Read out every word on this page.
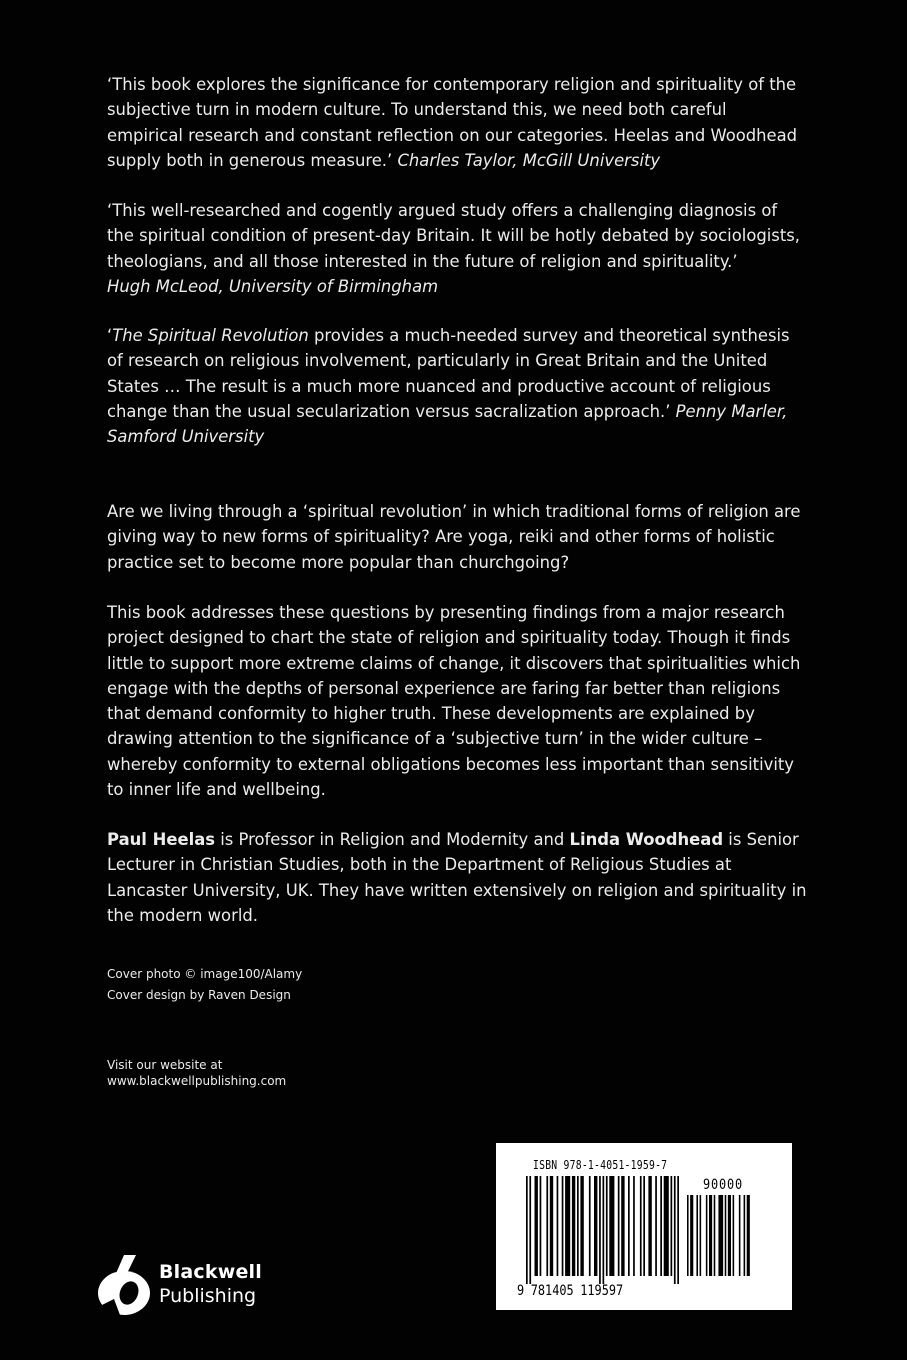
‘This book explores the significance for contemporary religion and spirituality of the subjective turn in modern culture. To understand this, we need both careful empirical research and constant reflection on our categories. Heelas and Woodhead supply both in generous measure.’ Charles Taylor, McGill University

‘This well-researched and cogently argued study offers a challenging diagnosis of the spiritual condition of present-day Britain. It will be hotly debated by sociologists, theologians, and all those interested in the future of religion and spirituality.’
Hugh McLeod, University of Birmingham

‘The Spiritual Revolution provides a much-needed survey and theoretical synthesis of research on religious involvement, particularly in Great Britain and the United States … The result is a much more nuanced and productive account of religious change than the usual secularization versus sacralization approach.’ Penny Marler, Samford University

Are we living through a ‘spiritual revolution’ in which traditional forms of religion are giving way to new forms of spirituality? Are yoga, reiki and other forms of holistic practice set to become more popular than churchgoing?

This book addresses these questions by presenting findings from a major research project designed to chart the state of religion and spirituality today. Though it finds little to support more extreme claims of change, it discovers that spiritualities which engage with the depths of personal experience are faring far better than religions that demand conformity to higher truth. These developments are explained by drawing attention to the significance of a ‘subjective turn’ in the wider culture – whereby conformity to external obligations becomes less important than sensitivity to inner life and wellbeing.

Paul Heelas is Professor in Religion and Modernity and Linda Woodhead is Senior Lecturer in Christian Studies, both in the Department of Religious Studies at Lancaster University, UK. They have written extensively on religion and spirituality in the modern world.

Cover photo © image100/Alamy
Cover design by Raven Design
Visit our website at
www.blackwellpublishing.com
Blackwell
Publishing
ISBN 978-1-4051-1959-7
90000
9 781405 119597
